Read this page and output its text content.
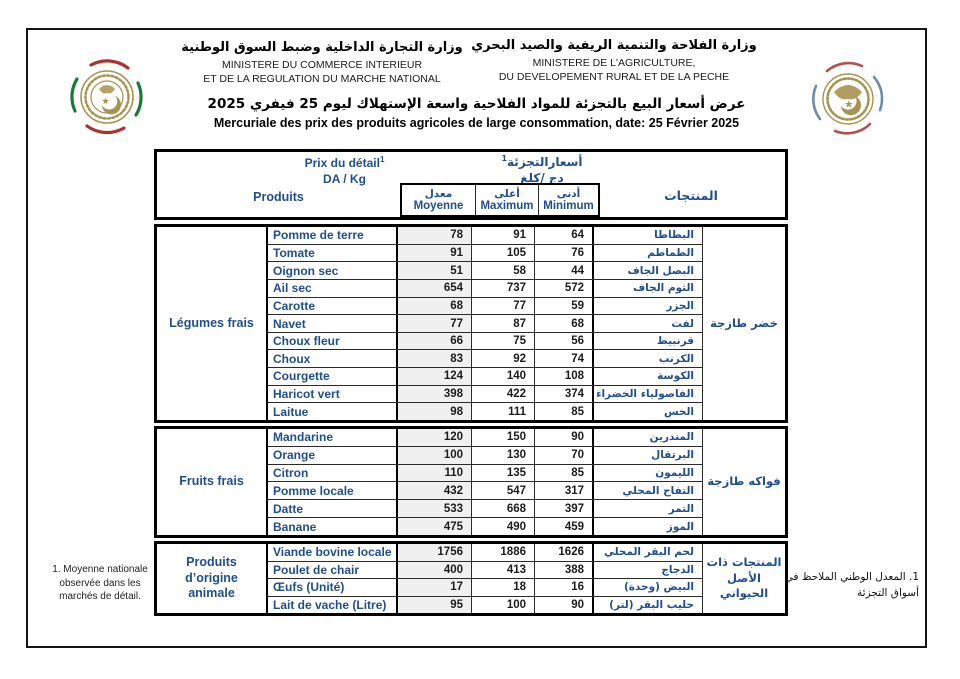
وزارة التجارة الداخلية وضبط السوق الوطنية
MINISTERE DU COMMERCE INTERIEUR
ET DE LA REGULATION DU MARCHE NATIONAL
وزارة الفلاحة والتنمية الريفية والصيد البحري
MINISTERE DE L'AGRICULTURE,
DU DEVELOPEMENT RURAL ET DE LA PECHE
عرض أسعار البيع بالتجزئة للمواد الفلاحية واسعة الإستهلاك ليوم 25 فيفري 2025
Mercuriale des prix des produits agricoles de large consommation, date: 25 Février 2025
Prix du détail$^1$
DA / Kg
أسعارالتجزئة$^1$
دج /كلغ
Produits	المنتجات
معدل
Moyenne
أعلى
Maximum
أدنى
Minimum
Légumes frais
Pomme de terre	78	91	64	البطاطا
Tomate	91	105	76	الطماطم
Oignon sec	51	58	44	البصل الجاف
Ail sec	654	737	572	الثوم الجاف
Carotte	68	77	59	الجزر
Navet	77	87	68	لفت
Choux fleur	66	75	56	قرنبيط
Choux	83	92	74	الكرنب
Courgette	124	140	108	الكوسة
Haricot vert	398	422	374	الفاصولياء الخضراء
Laitue	98	111	85	الخس
خضر طازجة
Fruits frais
Mandarine	120	150	90	المندرين
Orange	100	130	70	البرتقال
Citron	110	135	85	الليمون
Pomme locale	432	547	317	التفاح المحلي
Datte	533	668	397	التمر
Banane	475	490	459	الموز
فواكه طازجة
Produits d’origine animale
Viande bovine locale	1756	1886	1626	لحم البقر المحلي
Poulet de chair	400	413	388	الدجاج
Œufs (Unité)	17	18	16	البيض (وحدة)
Lait de vache (Litre)	95	100	90	حليب البقر (لتر)
المنتجات ذات الأصل الحيواني
1. Moyenne nationale observée dans les marchés de détail.
1. المعدل الوطني الملاحظ في أسواق التجزئة
